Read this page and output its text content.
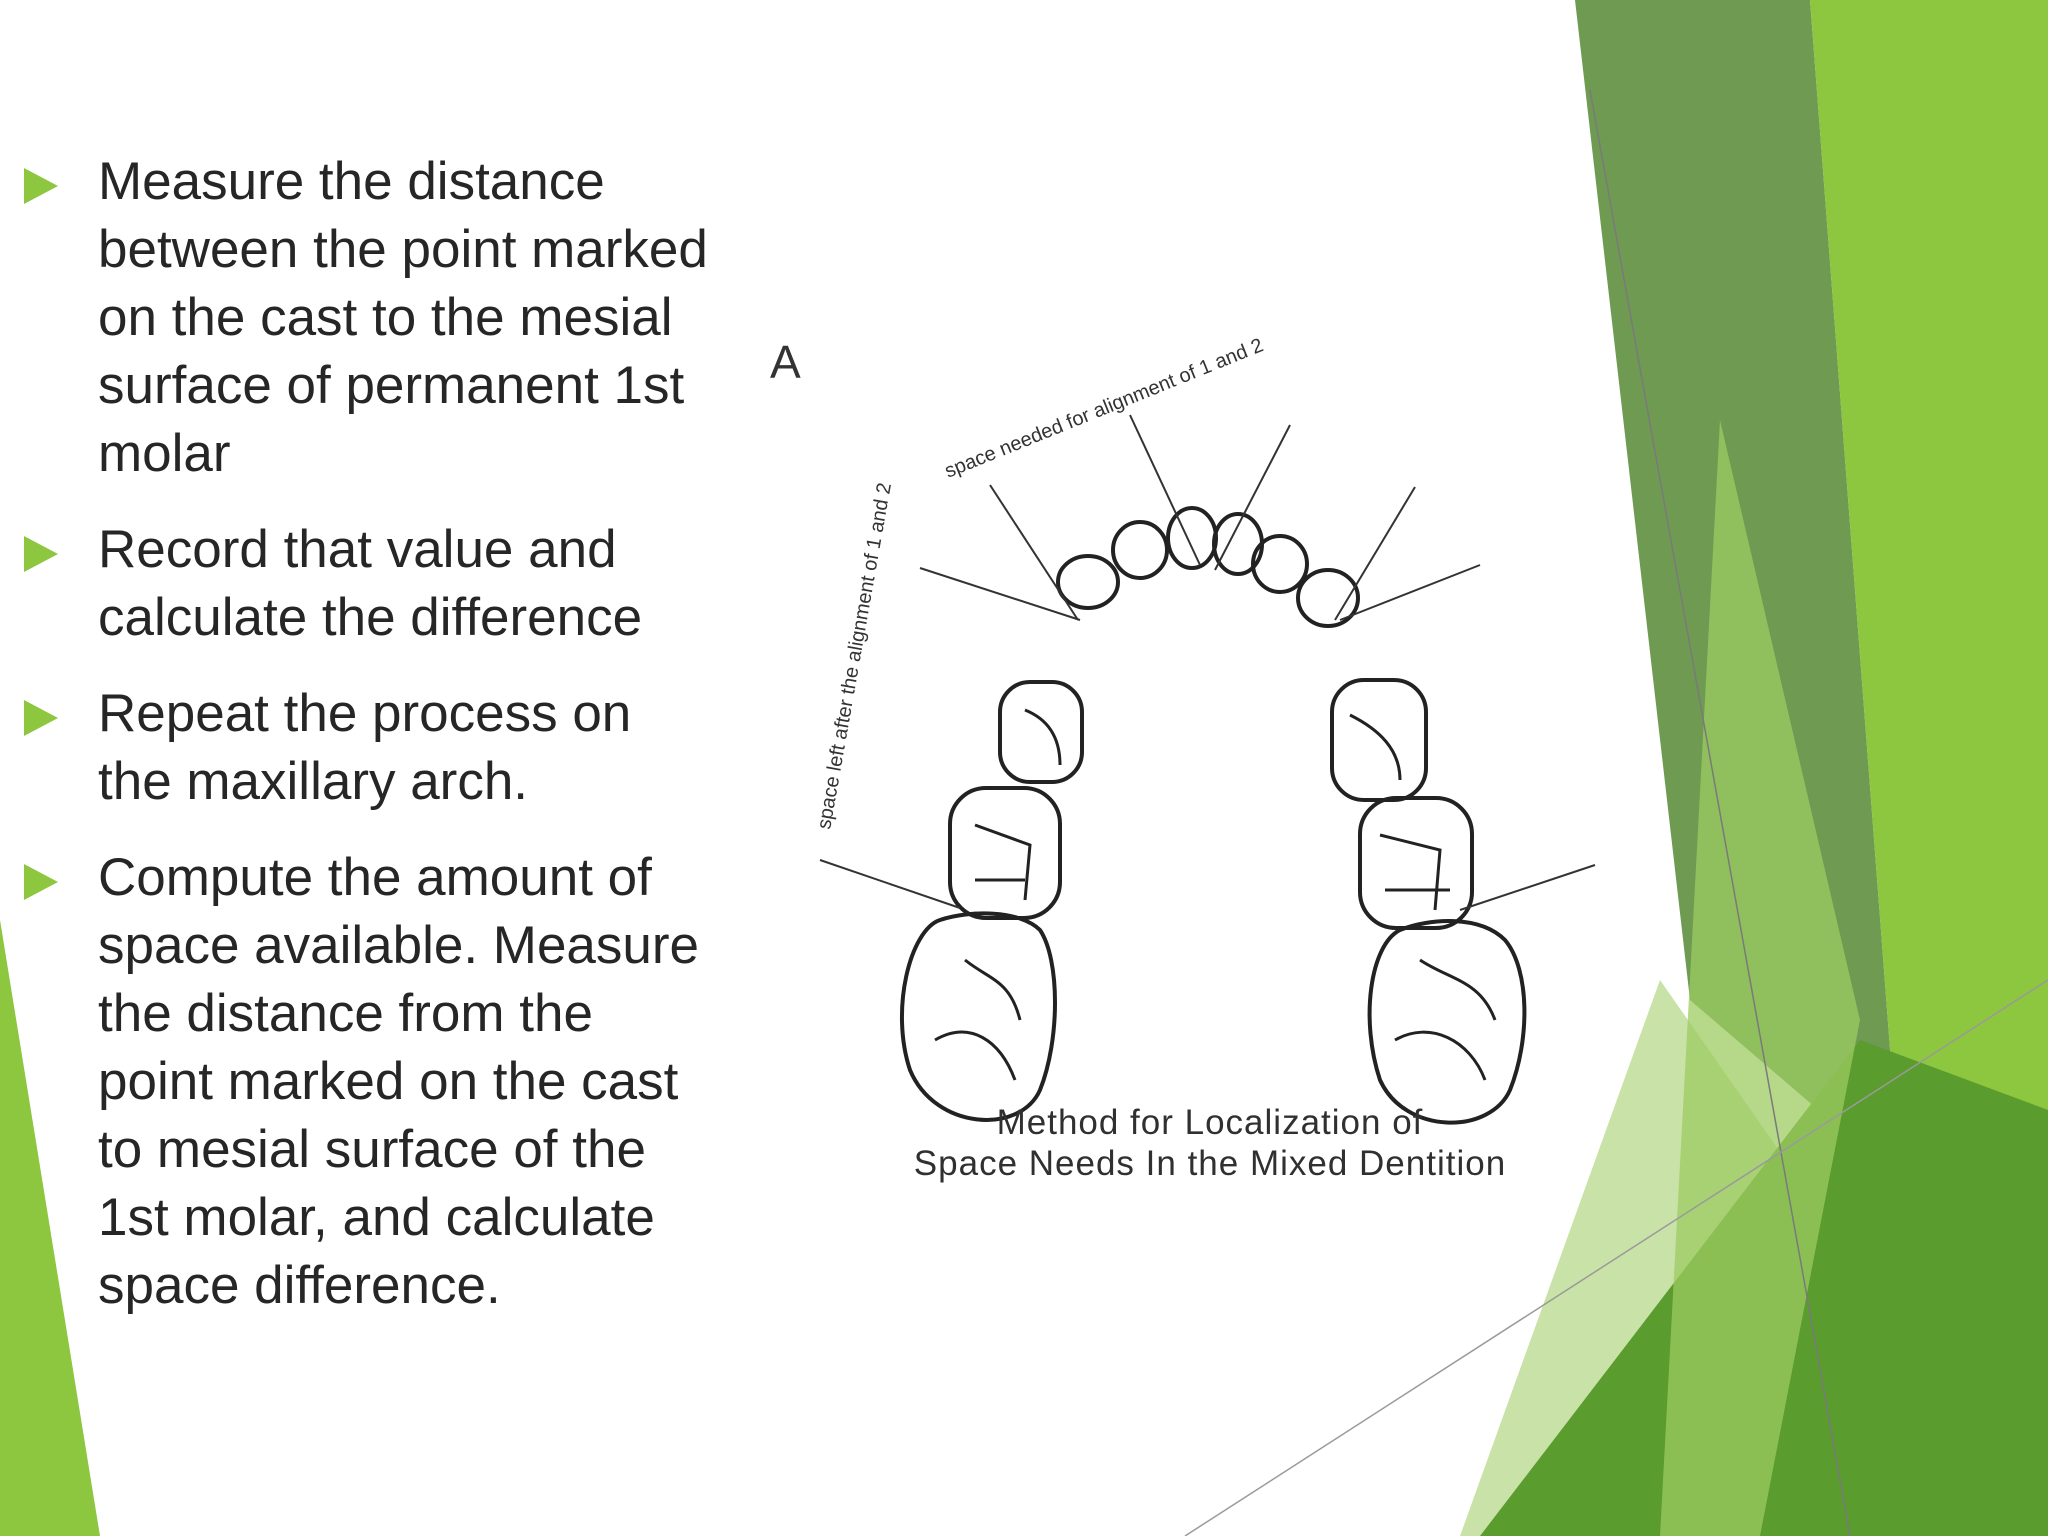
Measure the distance between the point marked on the cast to the mesial surface of permanent 1st molar
Record that value and calculate the difference
Repeat the process on the maxillary arch.
Compute the amount of space available. Measure the distance from the point marked on the cast to mesial surface of the 1st molar, and calculate space difference.
space needed for alignment of 1 and 2
space left after the alignment of 1 and 2
A
Method for Localization of
Space Needs In the Mixed Dentition
